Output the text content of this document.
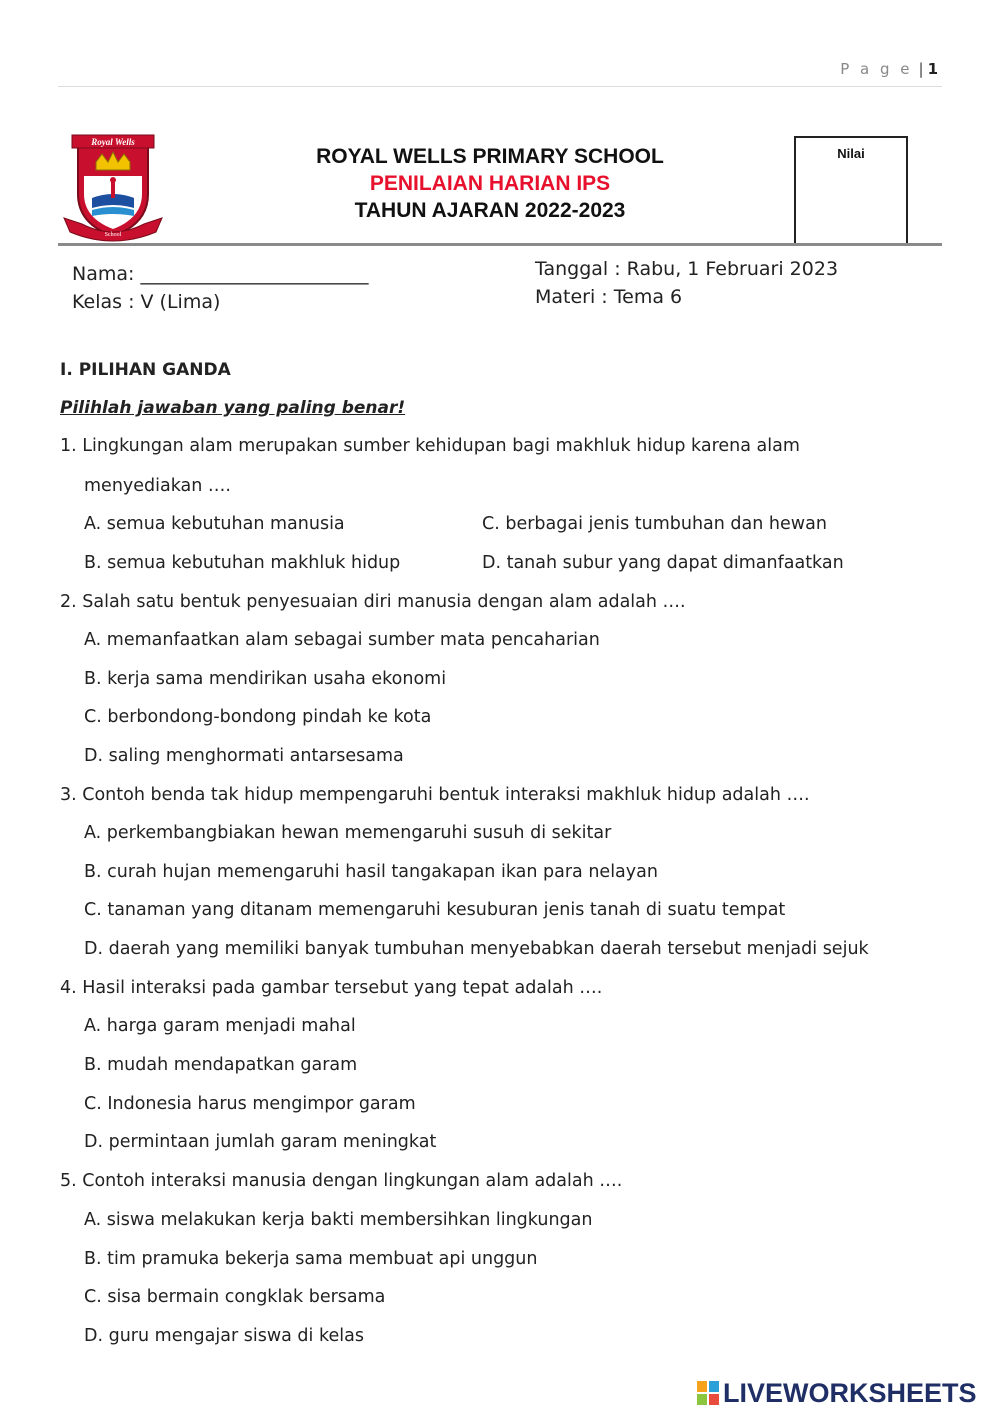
P a g e | 1
Royal Wells
School
ROYAL WELLS PRIMARY SCHOOL
PENILAIAN HARIAN IPS
TAHUN AJARAN 2022-2023
Nilai
Nama: ________________________
Kelas : V (Lima)
Tanggal : Rabu, 1 Februari 2023
Materi : Tema 6
I. PILIHAN GANDA
Pilihlah jawaban yang paling benar!
1. Lingkungan alam merupakan sumber kehidupan bagi makhluk hidup karena alam
menyediakan ….
A. semua kebutuhan manusia
B. semua kebutuhan makhluk hidup
C. berbagai jenis tumbuhan dan hewan
D. tanah subur yang dapat dimanfaatkan
2. Salah satu bentuk penyesuaian diri manusia dengan alam adalah ….
A. memanfaatkan alam sebagai sumber mata pencaharian
B. kerja sama mendirikan usaha ekonomi
C. berbondong-bondong pindah ke kota
D. saling menghormati antarsesama
3. Contoh benda tak hidup mempengaruhi bentuk interaksi makhluk hidup adalah ….
A. perkembangbiakan hewan memengaruhi susuh di sekitar
B. curah hujan memengaruhi hasil tangakapan ikan para nelayan
C. tanaman yang ditanam memengaruhi kesuburan jenis tanah di suatu tempat
D. daerah yang memiliki banyak tumbuhan menyebabkan daerah tersebut menjadi sejuk
4. Hasil interaksi pada gambar tersebut yang tepat adalah ….
A. harga garam menjadi mahal
B. mudah mendapatkan garam
C. Indonesia harus mengimpor garam
D. permintaan jumlah garam meningkat
5. Contoh interaksi manusia dengan lingkungan alam adalah ….
A. siswa melakukan kerja bakti membersihkan lingkungan
B. tim pramuka bekerja sama membuat api unggun
C. sisa bermain congklak bersama
D. guru mengajar siswa di kelas
LIVEWORKSHEETS
